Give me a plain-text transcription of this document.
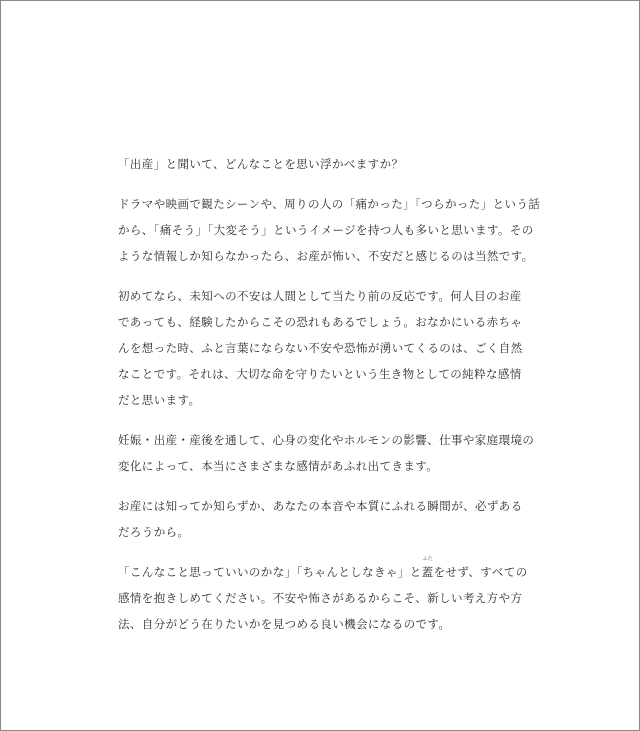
「出産」と聞いて、どんなことを思い浮かべますか？

ドラマや映画で観たシーンや、周りの人の「痛かった」「つらかった」という話
から、「痛そう」「大変そう」というイメージを持つ人も多いと思います。その
ような情報しか知らなかったら、お産が怖い、不安だと感じるのは当然です。

初めてなら、未知への不安は人間として当たり前の反応です。何人目のお産
であっても、経験したからこその恐れもあるでしょう。おなかにいる赤ちゃ
んを想った時、ふと言葉にならない不安や恐怖が湧いてくるのは、ごく自然
なことです。それは、大切な命を守りたいという生き物としての純粋な感情
だと思います。

妊娠・出産・産後を通して、心身の変化やホルモンの影響、仕事や家庭環境の
変化によって、本当にさまざまな感情があふれ出てきます。

お産には知ってか知らずか、あなたの本音や本質にふれる瞬間が、必ずある
だろうから。

「こんなこと思っていいのかな」「ちゃんとしなきゃ」と蓋
ふた
をせず、すべての
感情を抱きしめてください。不安や怖さがあるからこそ、新しい考え方や方
法、自分がどう在りたいかを見つめる良い機会になるのです。
